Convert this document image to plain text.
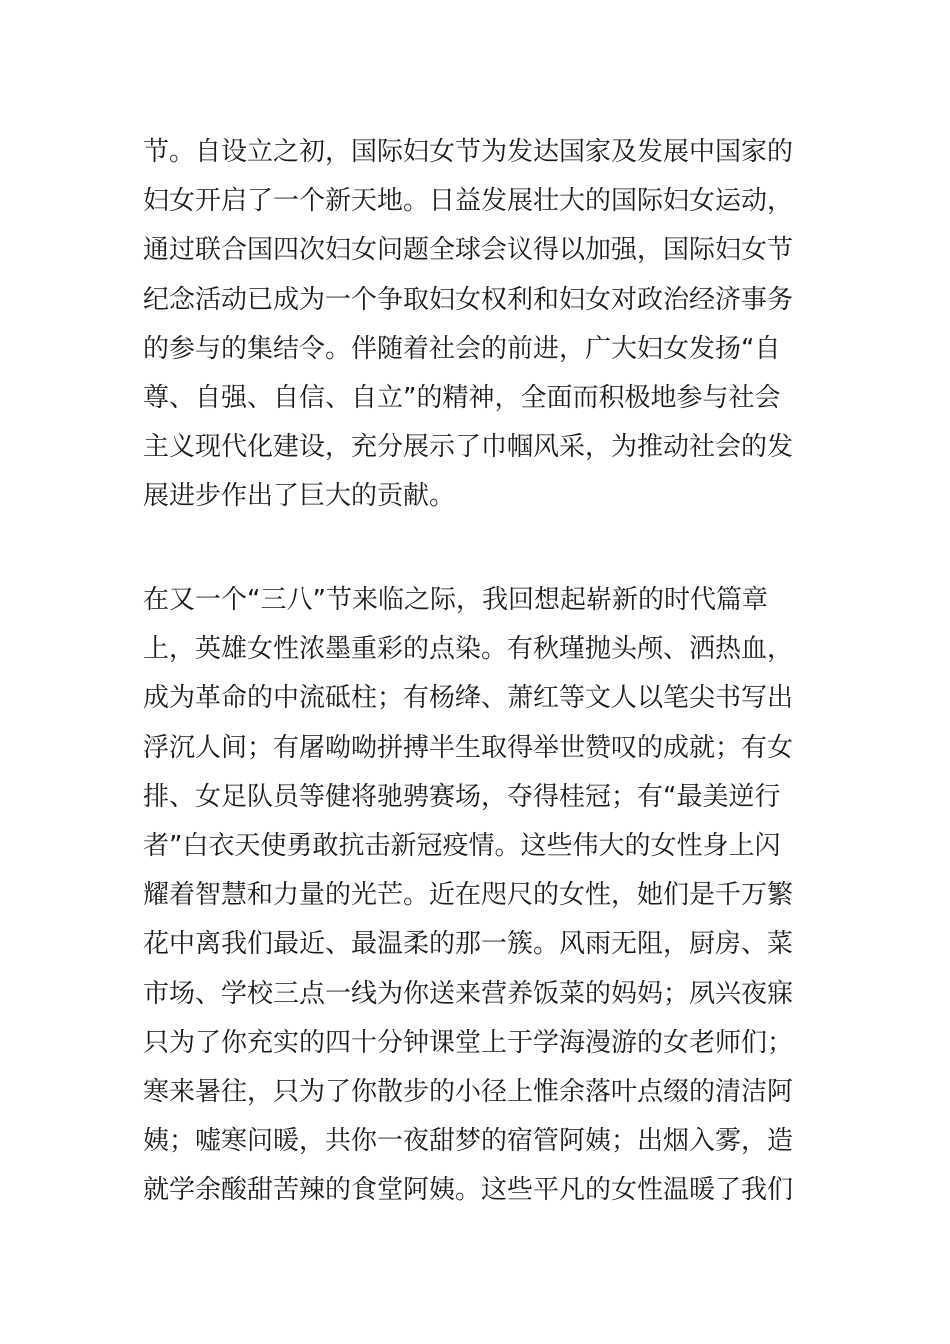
节。自设立之初，国际妇女节为发达国家及发展中国家的
妇女开启了一个新天地。日益发展壮大的国际妇女运动，
通过联合国四次妇女问题全球会议得以加强，国际妇女节
纪念活动已成为一个争取妇女权利和妇女对政治经济事务
的参与的集结令。伴随着社会的前进，广大妇女发扬“自
尊、自强、自信、自立”的精神，全面而积极地参与社会
主义现代化建设，充分展示了巾帼风采，为推动社会的发
展进步作出了巨大的贡献。
在又一个“三八”节来临之际，我回想起崭新的时代篇章
上，英雄女性浓墨重彩的点染。有秋瑾抛头颅、洒热血，
成为革命的中流砥柱；有杨绛、萧红等文人以笔尖书写出
浮沉人间；有屠呦呦拼搏半生取得举世赞叹的成就；有女
排、女足队员等健将驰骋赛场，夺得桂冠；有“最美逆行
者”白衣天使勇敢抗击新冠疫情。这些伟大的女性身上闪
耀着智慧和力量的光芒。近在咫尺的女性，她们是千万繁
花中离我们最近、最温柔的那一簇。风雨无阻，厨房、菜
市场、学校三点一线为你送来营养饭菜的妈妈；夙兴夜寐
只为了你充实的四十分钟课堂上于学海漫游的女老师们；
寒来暑往，只为了你散步的小径上惟余落叶点缀的清洁阿
姨；嘘寒问暖，共你一夜甜梦的宿管阿姨；出烟入雾，造
就学余酸甜苦辣的食堂阿姨。这些平凡的女性温暖了我们
